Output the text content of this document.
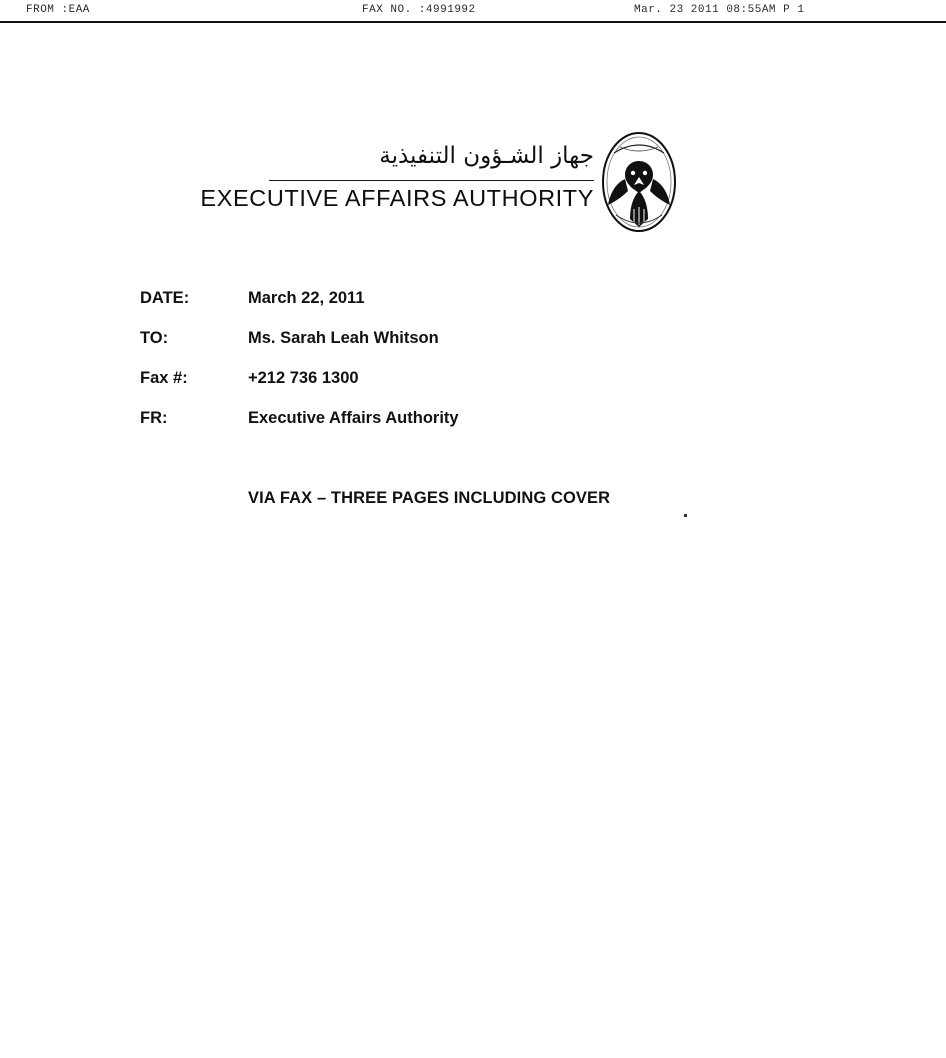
FROM :EAA	FAX NO. :4991992	Mar. 23 2011 08:55AM P 1
جهاز الشـؤون التنفيذية
EXECUTIVE AFFAIRS AUTHORITY
DATE:	March 22, 2011
TO:	Ms. Sarah Leah Whitson
Fax #:	+212 736 1300
FR:	Executive Affairs Authority
VIA FAX – THREE PAGES INCLUDING COVER
